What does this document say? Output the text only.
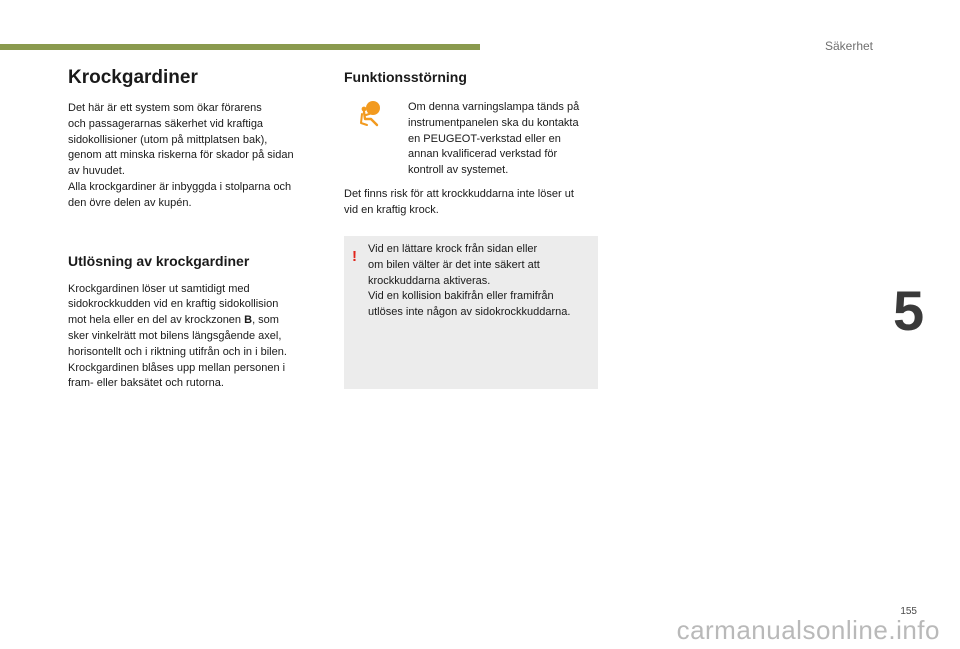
Säkerhet
Krockgardiner

Det här är ett system som ökar förarens
och passagerarnas säkerhet vid kraftiga
sidokollisioner (utom på mittplatsen bak),
genom att minska riskerna för skador på sidan
av huvudet.
Alla krockgardiner är inbyggda i stolparna och
den övre delen av kupén.

Utlösning av krockgardiner

Krockgardinen löser ut samtidigt med
sidokrockkudden vid en kraftig sidokollision
mot hela eller en del av krockzonen B, som
sker vinkelrätt mot bilens längsgående axel,
horisontellt och i riktning utifrån och in i bilen.
Krockgardinen blåses upp mellan personen i
fram- eller baksätet och rutorna.

Funktionsstörning

Om denna varningslampa tänds på
instrumentpanelen ska du kontakta
en PEUGEOT-verkstad eller en
annan kvalificerad verkstad för
kontroll av systemet.

Det finns risk för att krockkuddarna inte löser ut
vid en kraftig krock.

! Vid en lättare krock från sidan eller
om bilen välter är det inte säkert att
krockkuddarna aktiveras.
Vid en kollision bakifrån eller framifrån
utlöses inte någon av sidokrockkuddarna.	5
155
carmanualsonline.info
